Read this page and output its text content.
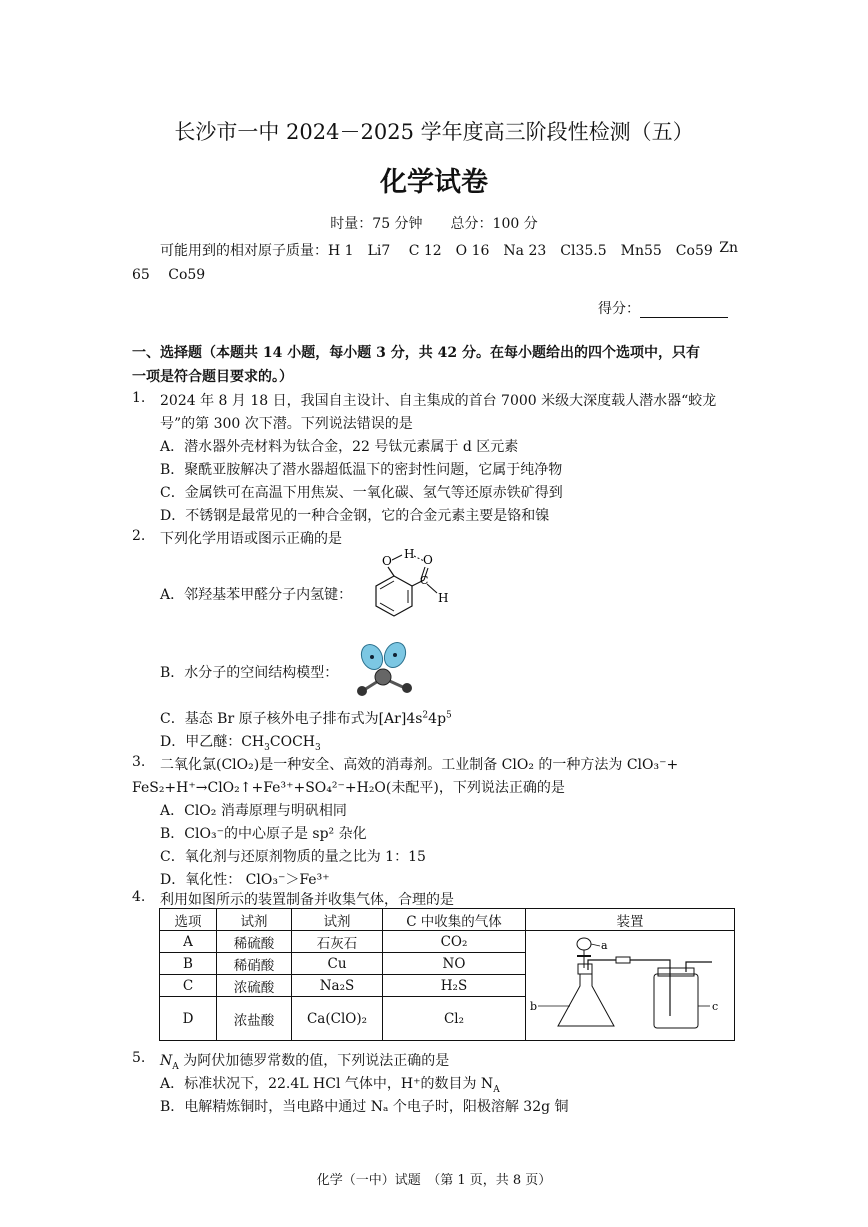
长沙市一中 2024－2025 学年度高三阶段性检测（五）
化学试卷
时量：75 分钟　　总分：100 分
可能用到的相对原子质量：H 1　Li7　 C 12　O 16　Na 23　Cl35.5　Mn55　Co59 Zn
65　 Co59
得分：
一、选择题（本题共 14 小题，每小题 3 分，共 42 分。在每小题给出的四个选项中，只有
一项是符合题目要求的。）
1. 2024 年 8 月 18 日，我国自主设计、自主集成的首台 7000 米级大深度载人潜水器“蛟龙
号”的第 300 次下潜。下列说法错误的是
A．潜水器外壳材料为钛合金，22 号钛元素属于 d 区元素
B．聚酰亚胺解决了潜水器超低温下的密封性问题，它属于纯净物
C．金属铁可在高温下用焦炭、一氧化碳、氢气等还原赤铁矿得到
D．不锈钢是最常见的一种合金钢，它的合金元素主要是铬和镍
2. 下列化学用语或图示正确的是
A．邻羟基苯甲醛分子内氢键：
O H O
C
H
B．水分子的空间结构模型：
C．基态 Br 原子核外电子排布式为$[Ar]4s^24p^5$
D．甲乙醚：$CH_3COCH_3$
3. 二氧化氯(ClO₂)是一种安全、高效的消毒剂。工业制备 ClO₂ 的一种方法为 ClO₃⁻+
FeS₂+H⁺→ClO₂↑+Fe³⁺+SO₄²⁻+H₂O(未配平)，下列说法正确的是
A．ClO₂ 消毒原理与明矾相同
B．ClO₃⁻的中心原子是 sp² 杂化
C．氧化剂与还原剂物质的量之比为 1：15
D．氧化性： ClO₃⁻＞Fe³⁺
4. 利用如图所示的装置制备并收集气体，合理的是
选项	试剂	试剂	C 中收集的气体	装置
A	稀硫酸	石灰石	CO₂	a
b c

B	稀硝酸	Cu	NO	
C	浓硫酸	Na₂S	H₂S	
D	浓盐酸	Ca(ClO)₂	Cl₂	
5. $N_A$ 为阿伏加德罗常数的值，下列说法正确的是
A．标准状况下，22.4L HCl 气体中，H⁺的数目为 $N_A$
B．电解精炼铜时，当电路中通过 Nₐ 个电子时，阳极溶解 32g 铜
化学（一中）试题　（第 1 页，共 8 页）
